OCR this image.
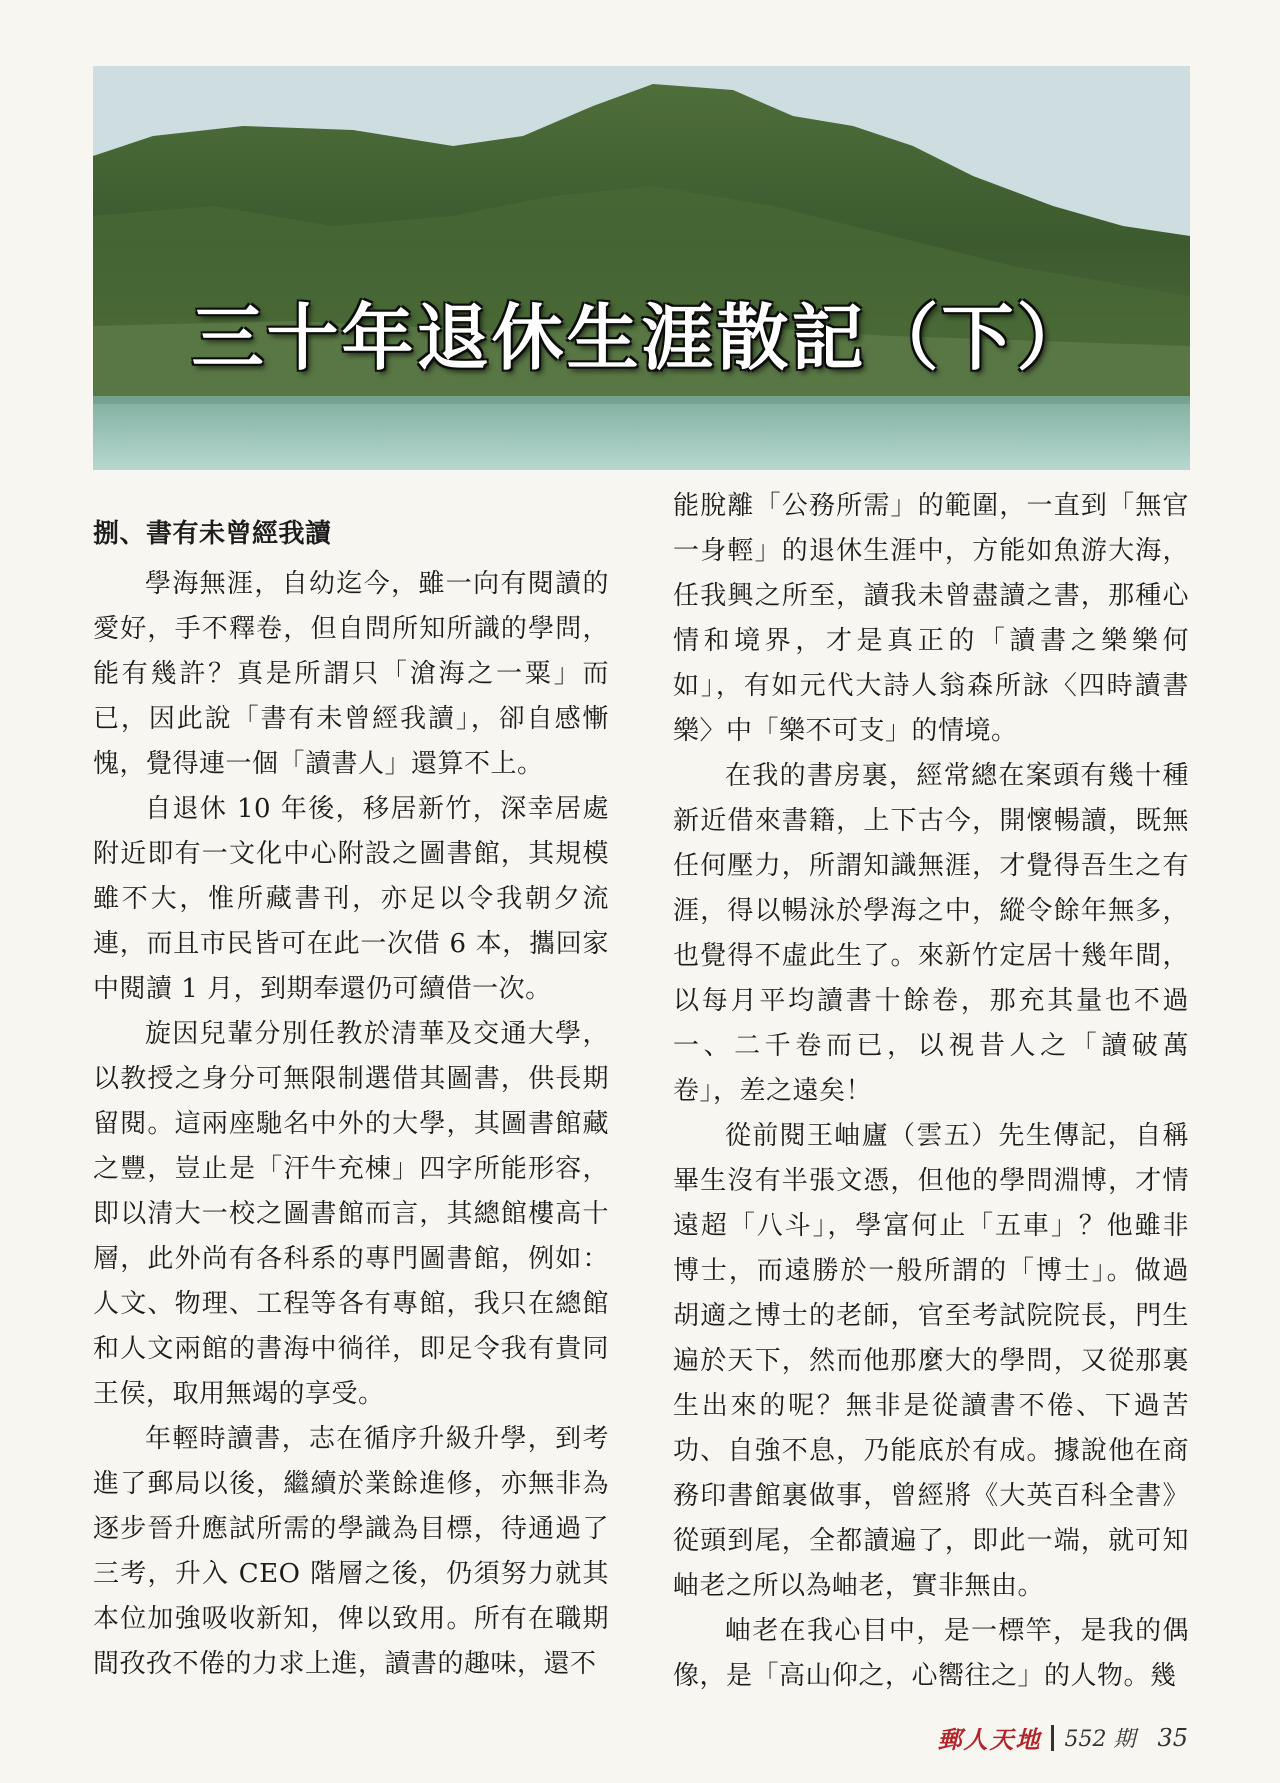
三十年退休生涯散記（下）
捌、書有未曾經我讀

學海無涯，自幼迄今，雖一向有閱讀的愛好，手不釋卷，但自問所知所識的學問，能有幾許？真是所謂只「滄海之一粟」而已，因此說「書有未曾經我讀」，卻自感慚愧，覺得連一個「讀書人」還算不上。

自退休 10 年後，移居新竹，深幸居處附近即有一文化中心附設之圖書館，其規模雖不大，惟所藏書刊，亦足以令我朝夕流連，而且市民皆可在此一次借 6 本，攜回家中閱讀 1 月，到期奉還仍可續借一次。

旋因兒輩分別任教於清華及交通大學，以教授之身分可無限制選借其圖書，供長期留閱。這兩座馳名中外的大學，其圖書館藏之豐，豈止是「汗牛充棟」四字所能形容，即以清大一校之圖書館而言，其總館樓高十層，此外尚有各科系的專門圖書館，例如：人文、物理、工程等各有專館，我只在總館和人文兩館的書海中徜徉，即足令我有貴同王侯，取用無竭的享受。

年輕時讀書，志在循序升級升學，到考進了郵局以後，繼續於業餘進修，亦無非為逐步晉升應試所需的學識為目標，待通過了三考，升入 CEO 階層之後，仍須努力就其本位加強吸收新知，俾以致用。所有在職期間孜孜不倦的力求上進，讀書的趣味，還不

能脫離「公務所需」的範圍，一直到「無官一身輕」的退休生涯中，方能如魚游大海，任我興之所至，讀我未曾盡讀之書，那種心情和境界，才是真正的「讀書之樂樂何如」，有如元代大詩人翁森所詠〈四時讀書樂〉中「樂不可支」的情境。

在我的書房裏，經常總在案頭有幾十種新近借來書籍，上下古今，開懷暢讀，既無任何壓力，所謂知識無涯，才覺得吾生之有涯，得以暢泳於學海之中，縱令餘年無多，也覺得不虛此生了。來新竹定居十幾年間，以每月平均讀書十餘卷，那充其量也不過一、二千卷而已，以視昔人之「讀破萬卷」，差之遠矣！

從前閱王岫廬（雲五）先生傳記，自稱畢生沒有半張文憑，但他的學問淵博，才情遠超「八斗」，學富何止「五車」？他雖非博士，而遠勝於一般所謂的「博士」。做過胡適之博士的老師，官至考試院院長，門生遍於天下，然而他那麼大的學問，又從那裏生出來的呢？無非是從讀書不倦、下過苦功、自強不息，乃能底於有成。據說他在商務印書館裏做事，曾經將《大英百科全書》從頭到尾，全都讀遍了，即此一端，就可知岫老之所以為岫老，實非無由。

岫老在我心目中，是一標竿，是我的偶像，是「高山仰之，心嚮往之」的人物。幾

郵人天地 552 期 35
